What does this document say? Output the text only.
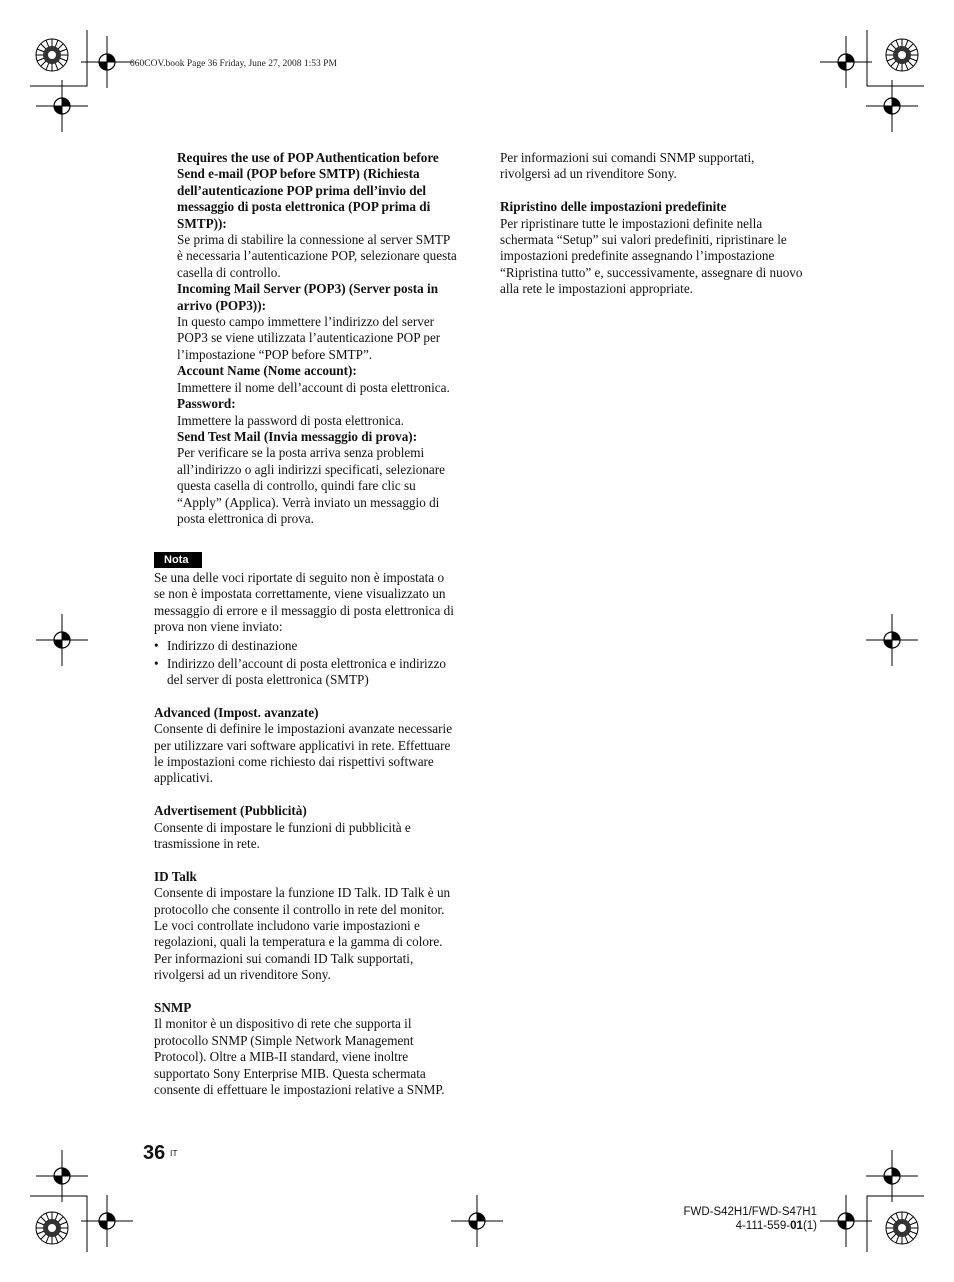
060COV.book Page 36 Friday, June 27, 2008 1:53 PM

Requires the use of POP Authentication before Send e-mail (POP before SMTP) (Richiesta dell’autenticazione POP prima dell’invio del messaggio di posta elettronica (POP prima di SMTP)):

Se prima di stabilire la connessione al server SMTP è necessaria l’autenticazione POP, selezionare questa casella di controllo.

Incoming Mail Server (POP3) (Server posta in arrivo (POP3)):

In questo campo immettere l’indirizzo del server POP3 se viene utilizzata l’autenticazione POP per l’impostazione “POP before SMTP”.

Account Name (Nome account):

Immettere il nome dell’account di posta elettronica.

Password:

Immettere la password di posta elettronica.

Send Test Mail (Invia messaggio di prova):

Per verificare se la posta arriva senza problemi all’indirizzo o agli indirizzi specificati, selezionare questa casella di controllo, quindi fare clic su “Apply” (Applica). Verrà inviato un messaggio di posta elettronica di prova.

Nota

Se una delle voci riportate di seguito non è impostata o se non è impostata correttamente, viene visualizzato un messaggio di errore e il messaggio di posta elettronica di prova non viene inviato:

• Indirizzo di destinazione
• Indirizzo dell’account di posta elettronica e indirizzo del server di posta elettronica (SMTP)

Advanced (Impost. avanzate)

Consente di definire le impostazioni avanzate necessarie per utilizzare vari software applicativi in rete. Effettuare le impostazioni come richiesto dai rispettivi software applicativi.

Advertisement (Pubblicità)

Consente di impostare le funzioni di pubblicità e trasmissione in rete.

ID Talk

Consente di impostare la funzione ID Talk. ID Talk è un protocollo che consente il controllo in rete del monitor. Le voci controllate includono varie impostazioni e regolazioni, quali la temperatura e la gamma di colore. Per informazioni sui comandi ID Talk supportati, rivolgersi ad un rivenditore Sony.

SNMP

Il monitor è un dispositivo di rete che supporta il protocollo SNMP (Simple Network Management Protocol). Oltre a MIB-II standard, viene inoltre supportato Sony Enterprise MIB. Questa schermata consente di effettuare le impostazioni relative a SNMP.

Per informazioni sui comandi SNMP supportati, rivolgersi ad un rivenditore Sony.

Ripristino delle impostazioni predefinite

Per ripristinare tutte le impostazioni definite nella schermata “Setup” sui valori predefiniti, ripristinare le impostazioni predefinite assegnando l’impostazione “Ripristina tutto” e, successivamente, assegnare di nuovo alla rete le impostazioni appropriate.

36 IT
FWD-S42H1/FWD-S47H1
4-111-559-01(1)
